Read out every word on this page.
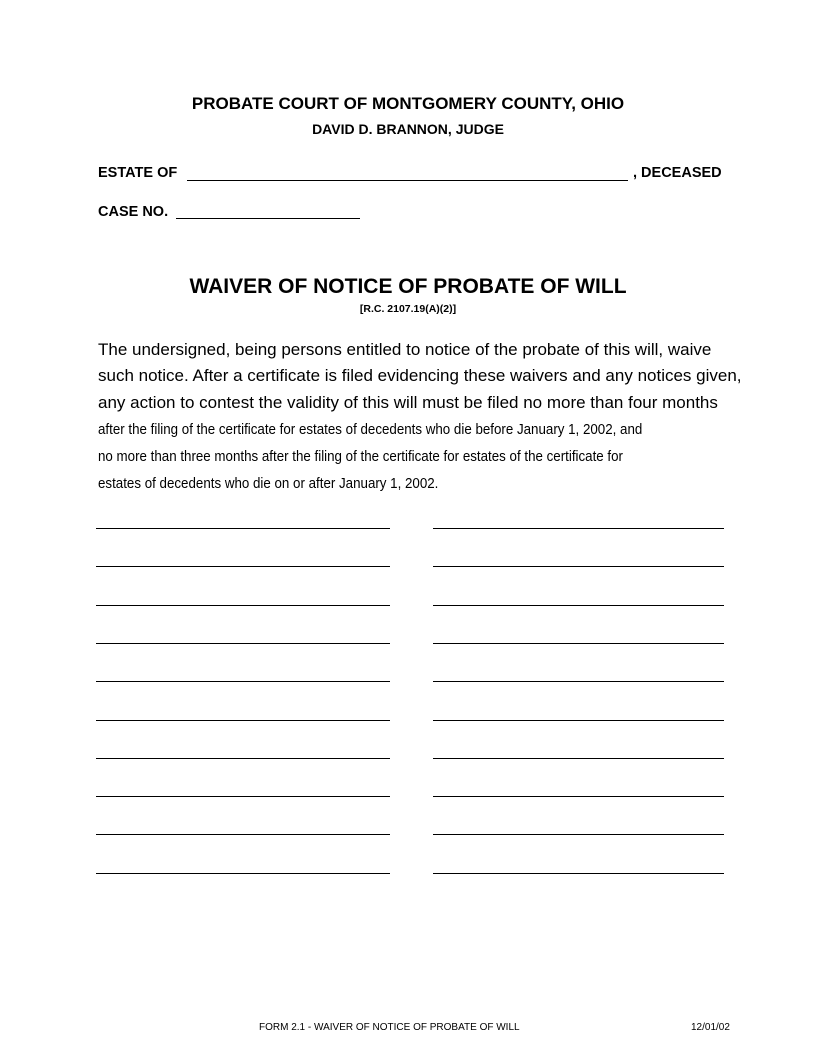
PROBATE COURT OF MONTGOMERY COUNTY, OHIO
DAVID D. BRANNON, JUDGE
ESTATE OF	, DECEASED
CASE NO.
WAIVER OF NOTICE OF PROBATE OF WILL
[R.C. 2107.19(A)(2)]
The undersigned, being persons entitled to notice of the probate of this will, waive
such notice. After a certificate is filed evidencing these waivers and any notices given,
any action to contest the validity of this will must be filed no more than four months
after the filing of the certificate for estates of decedents who die before January 1, 2002, and
no more than three months after the filing of the certificate for estates of the certificate for
estates of decedents who die on or after January 1, 2002.
FORM 2.1 - WAIVER OF NOTICE OF PROBATE OF WILL	12/01/02
